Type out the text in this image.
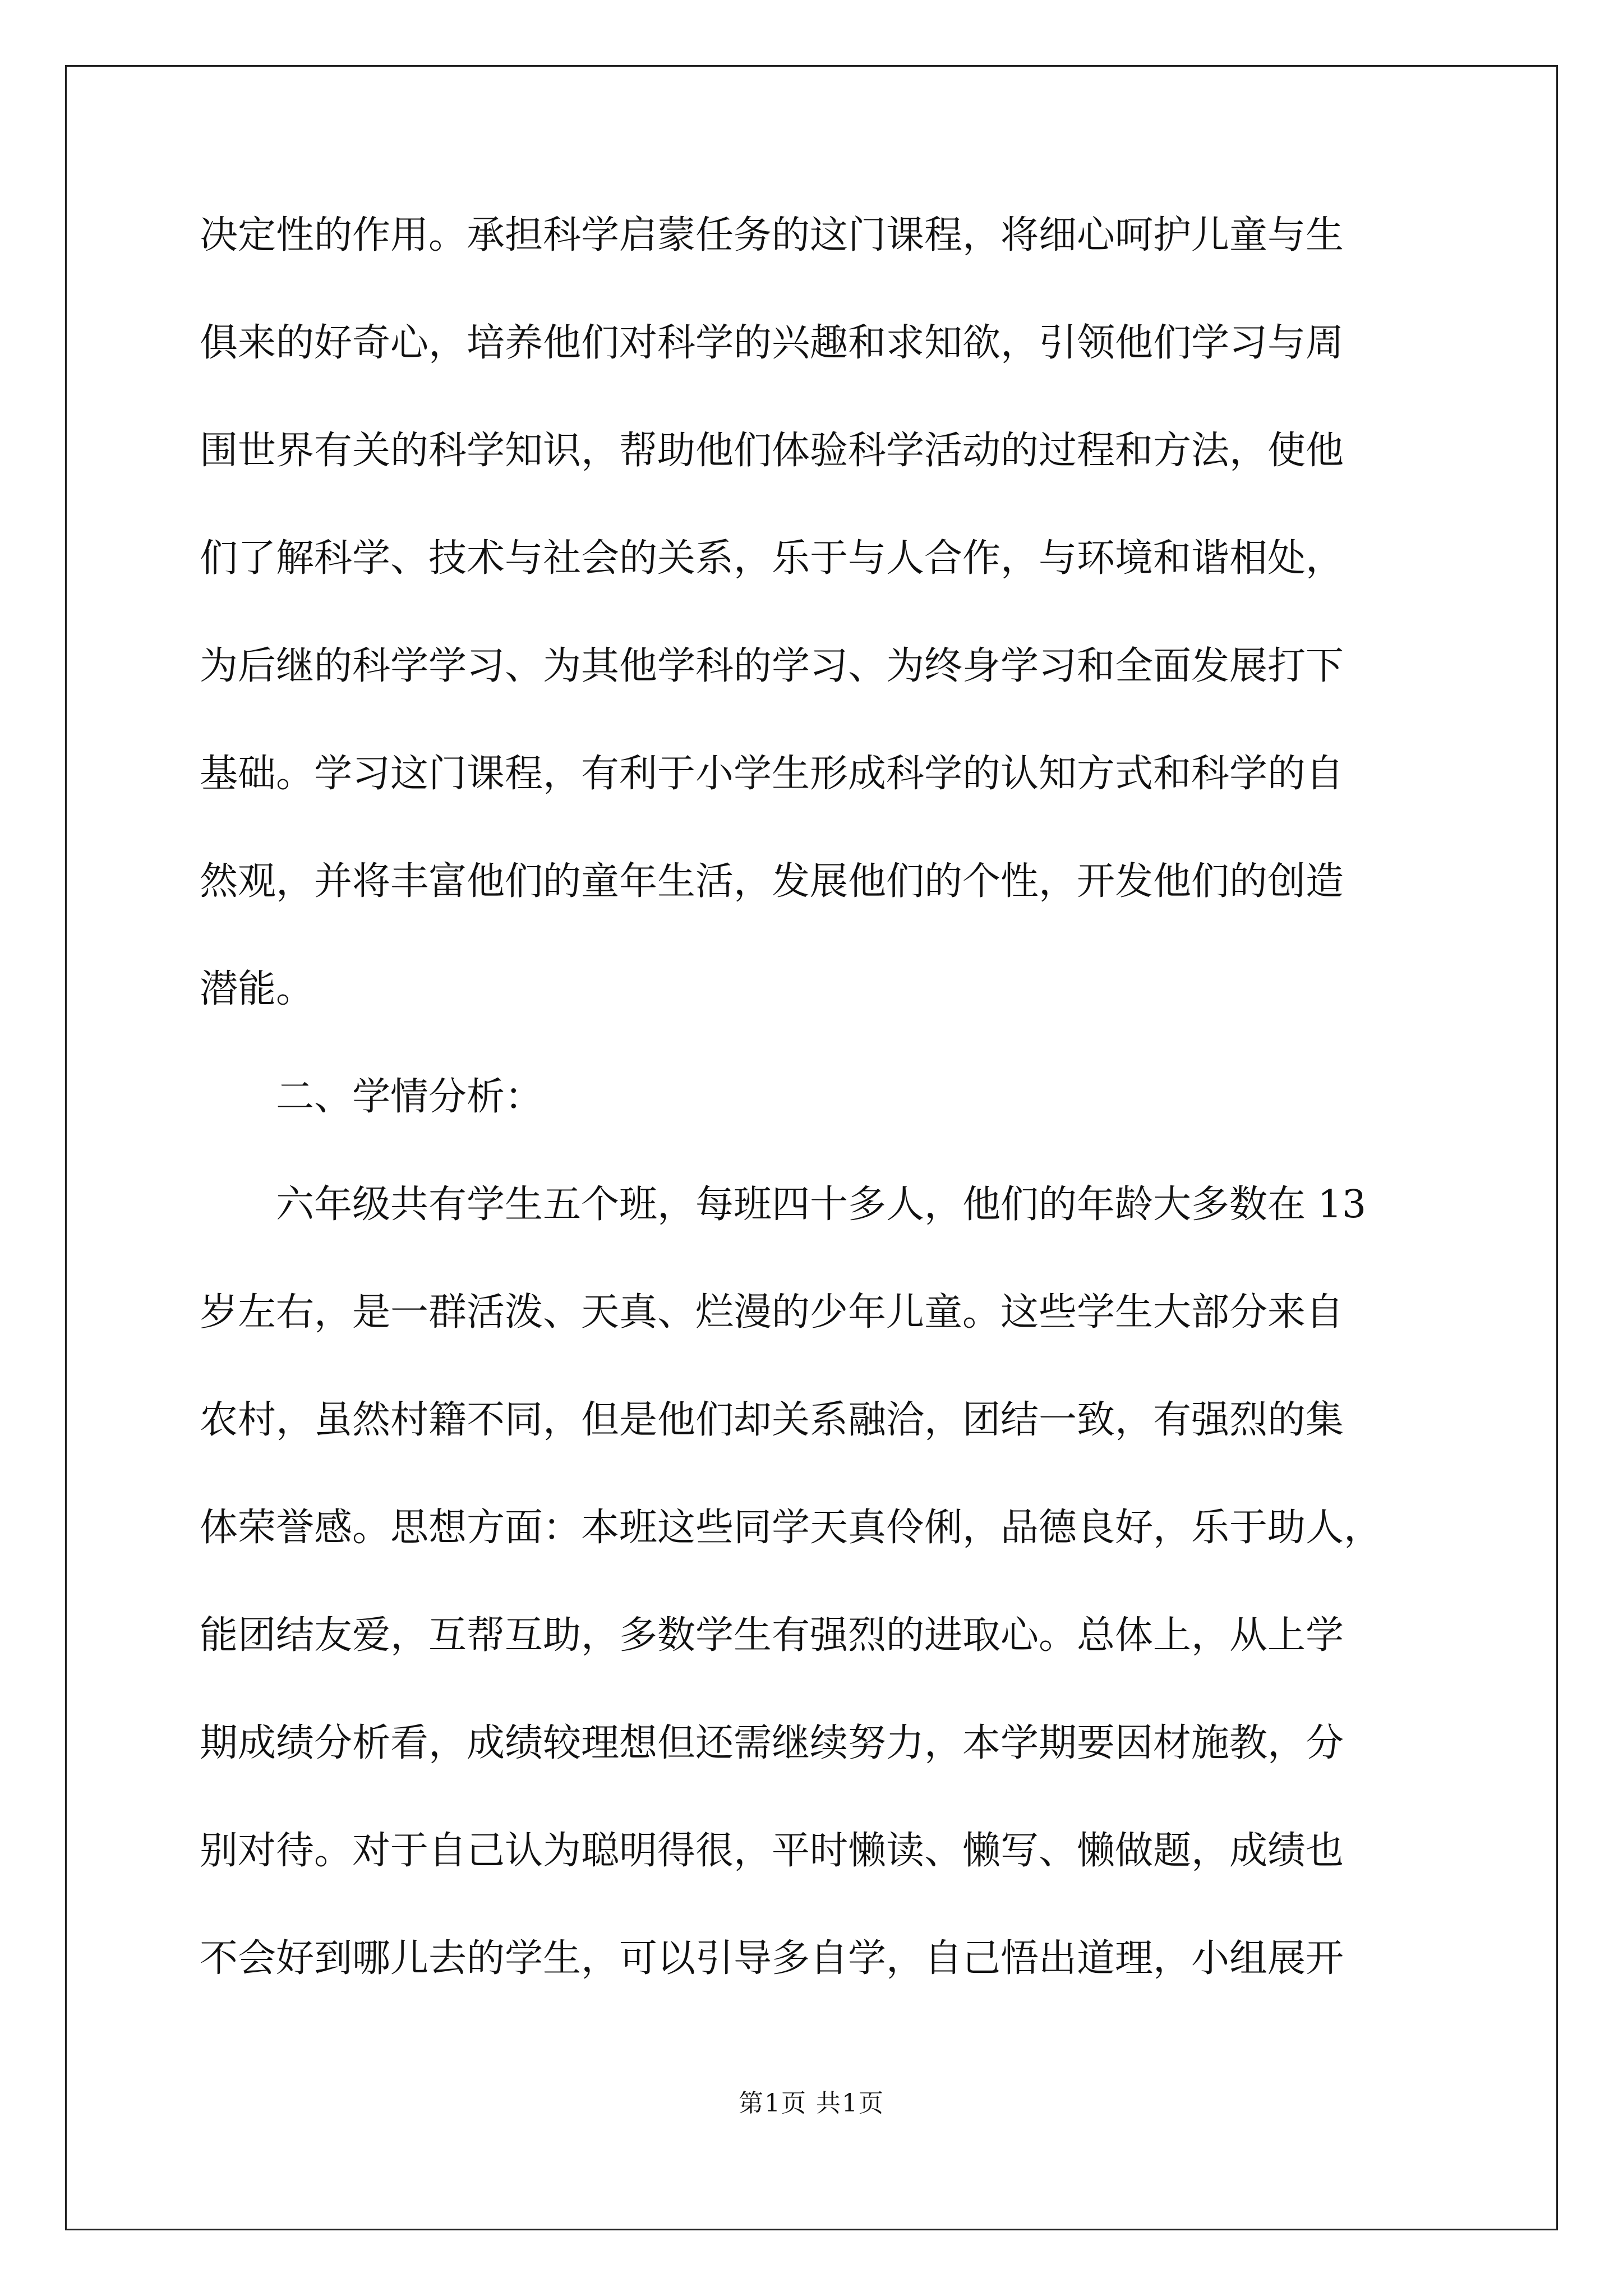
决定性的作用。承担科学启蒙任务的这门课程，将细心呵护儿童与生
俱来的好奇心，培养他们对科学的兴趣和求知欲，引领他们学习与周
围世界有关的科学知识，帮助他们体验科学活动的过程和方法，使他
们了解科学、技术与社会的关系，乐于与人合作，与环境和谐相处，
为后继的科学学习、为其他学科的学习、为终身学习和全面发展打下
基础。学习这门课程，有利于小学生形成科学的认知方式和科学的自
然观，并将丰富他们的童年生活，发展他们的个性，开发他们的创造
潜能。
二、学情分析：
六年级共有学生五个班，每班四十多人，他们的年龄大多数在 13
岁左右，是一群活泼、天真、烂漫的少年儿童。这些学生大部分来自
农村，虽然村籍不同，但是他们却关系融洽，团结一致，有强烈的集
体荣誉感。思想方面：本班这些同学天真伶俐，品德良好，乐于助人，
能团结友爱，互帮互助，多数学生有强烈的进取心。总体上，从上学
期成绩分析看，成绩较理想但还需继续努力，本学期要因材施教，分
别对待。对于自己认为聪明得很，平时懒读、懒写、懒做题，成绩也
不会好到哪儿去的学生，可以引导多自学，自己悟出道理，小组展开
第1页 共1页
